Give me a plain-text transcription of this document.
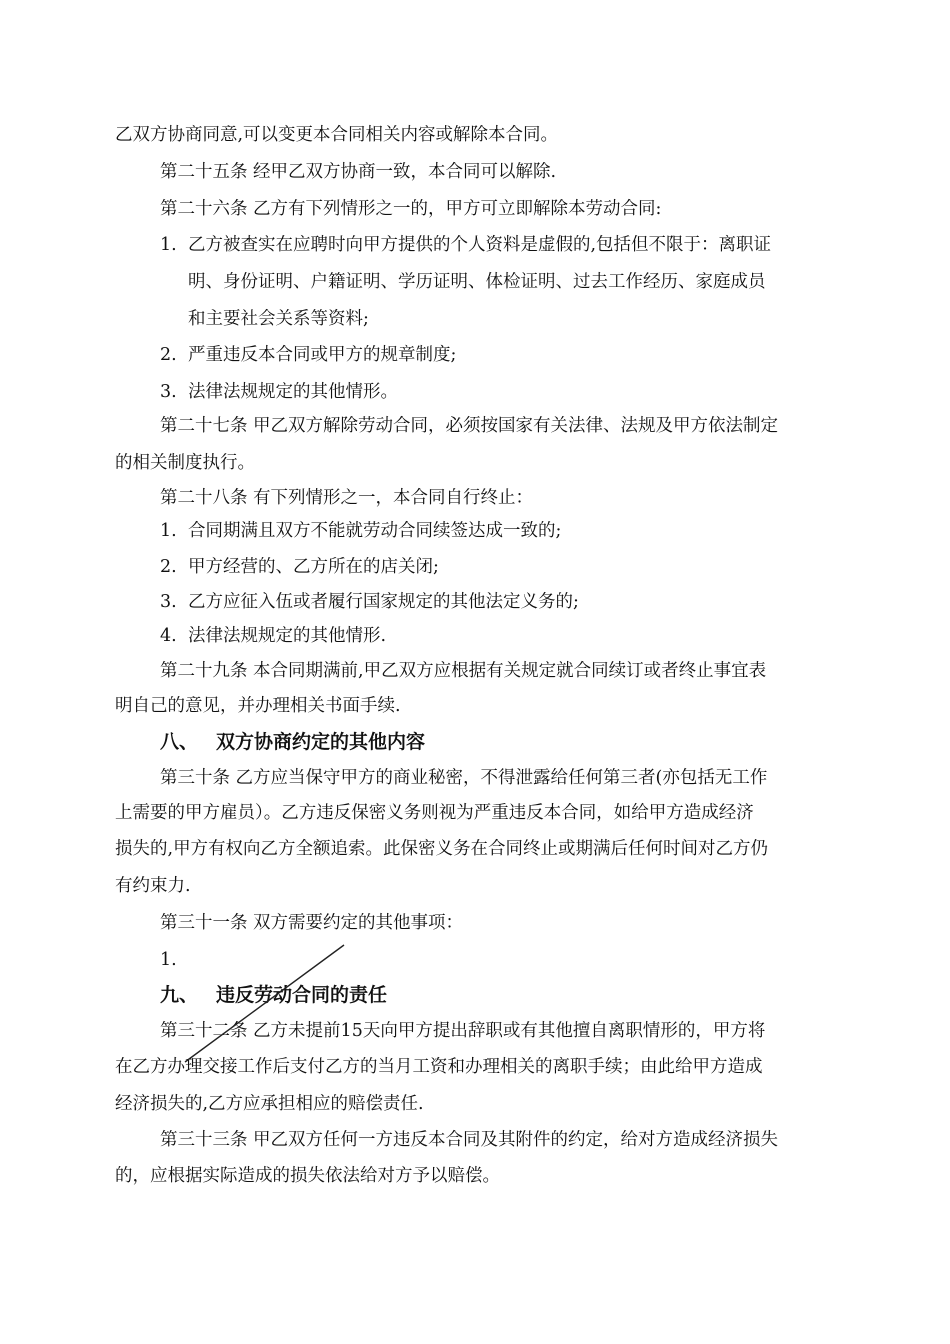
乙双方协商同意,可以变更本合同相关内容或解除本合同。
第二十五条 经甲乙双方协商一致，本合同可以解除.
第二十六条 乙方有下列情形之一的，甲方可立即解除本劳动合同:
1. 乙方被查实在应聘时向甲方提供的个人资料是虚假的,包括但不限于：离职证
明、身份证明、户籍证明、学历证明、体检证明、过去工作经历、家庭成员
和主要社会关系等资料;
2. 严重违反本合同或甲方的规章制度;
3. 法律法规规定的其他情形。
第二十七条 甲乙双方解除劳动合同，必须按国家有关法律、法规及甲方依法制定
的相关制度执行。
第二十八条 有下列情形之一，本合同自行终止：
1. 合同期满且双方不能就劳动合同续签达成一致的;
2. 甲方经营的、乙方所在的店关闭;
3. 乙方应征入伍或者履行国家规定的其他法定义务的;
4. 法律法规规定的其他情形.
第二十九条 本合同期满前,甲乙双方应根据有关规定就合同续订或者终止事宜表
明自己的意见，并办理相关书面手续.
八、 双方协商约定的其他内容
第三十条 乙方应当保守甲方的商业秘密，不得泄露给任何第三者(亦包括无工作
上需要的甲方雇员）。乙方违反保密义务则视为严重违反本合同，如给甲方造成经济
损失的,甲方有权向乙方全额追索。此保密义务在合同终止或期满后任何时间对乙方仍
有约束力.
第三十一条 双方需要约定的其他事项：
1.
九、 违反劳动合同的责任
第三十二条 乙方未提前15天向甲方提出辞职或有其他擅自离职情形的，甲方将
在乙方办理交接工作后支付乙方的当月工资和办理相关的离职手续；由此给甲方造成
经济损失的,乙方应承担相应的赔偿责任.
第三十三条 甲乙双方任何一方违反本合同及其附件的约定，给对方造成经济损失
的，应根据实际造成的损失依法给对方予以赔偿。
